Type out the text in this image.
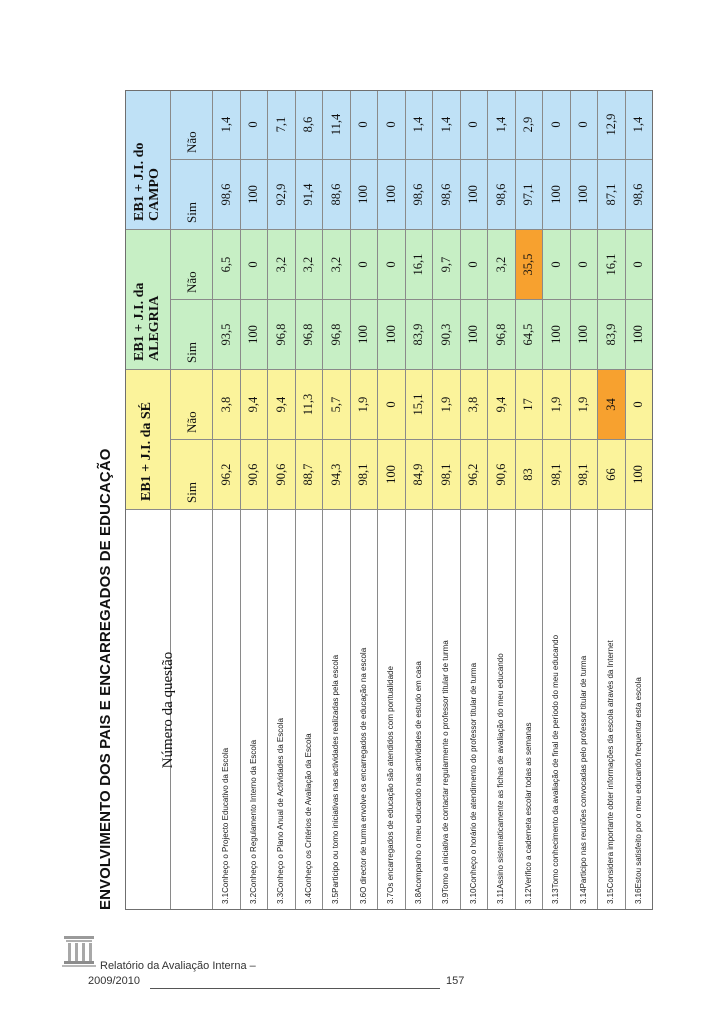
ENVOLVIMENTO DOS PAIS E ENCARREGADOS DE EDUCAÇÃO	EB1 + J.I. da SÉ
EB1 + J.I. da ALEGRIA
EB1 + J.I. do CAMPO
Número da questão
Sim
Não
Sim
Não
Sim
Não
3.1Conheço o Projecto Educativo da Escola
96,2
3,8
93,5
6,5
98,6
1,4
3.2Conheço o Regulamento Interno da Escola
90,6
9,4
100
0
100
0
3.3Conheço o Plano Anual de Actividades da Escola
90,6
9,4
96,8
3,2
92,9
7,1
3.4Conheço os Critérios de Avaliação da Escola
88,7
11,3
96,8
3,2
91,4
8,6
3.5Participo ou tomo iniciativas nas actividades realizadas pela escola
94,3
5,7
96,8
3,2
88,6
11,4
3.6O director de turma envolve os encarregados de educação na escola
98,1
1,9
100
0
100
0
3.7Os encarregados de educação são atendidos com pontualidade
100
0
100
0
100
0
3.8Acompanho o meu educando nas actividades de estudo em casa
84,9
15,1
83,9
16,1
98,6
1,4
3.9Tomo a iniciativa de contactar regularmente o professor titular de turma
98,1
1,9
90,3
9,7
98,6
1,4
3.10Conheço o horário de atendimento do professor titular de turma
96,2
3,8
100
0
100
0
3.11Assino sistematicamente as fichas de avaliação do meu educando
90,6
9,4
96,8
3,2
98,6
1,4
3.12Verifico a caderneta escolar todas as semanas
83
17
64,5
35,5
97,1
2,9
3.13Tomo conhecimento da avaliação de final de período do meu educando
98,1
1,9
100
0
100
0
3.14Participo nas reuniões convocadas pelo professor titular de turma
98,1
1,9
100
0
100
0
3.15Considera importante obter informações da escola através da Internet
66
34
83,9
16,1
87,1
12,9
3.16Estou satisfeito por o meu educando frequentar esta escola
100
0
100
0
98,6
1,4
Relatório da Avaliação Interna –
2009/2010	157
